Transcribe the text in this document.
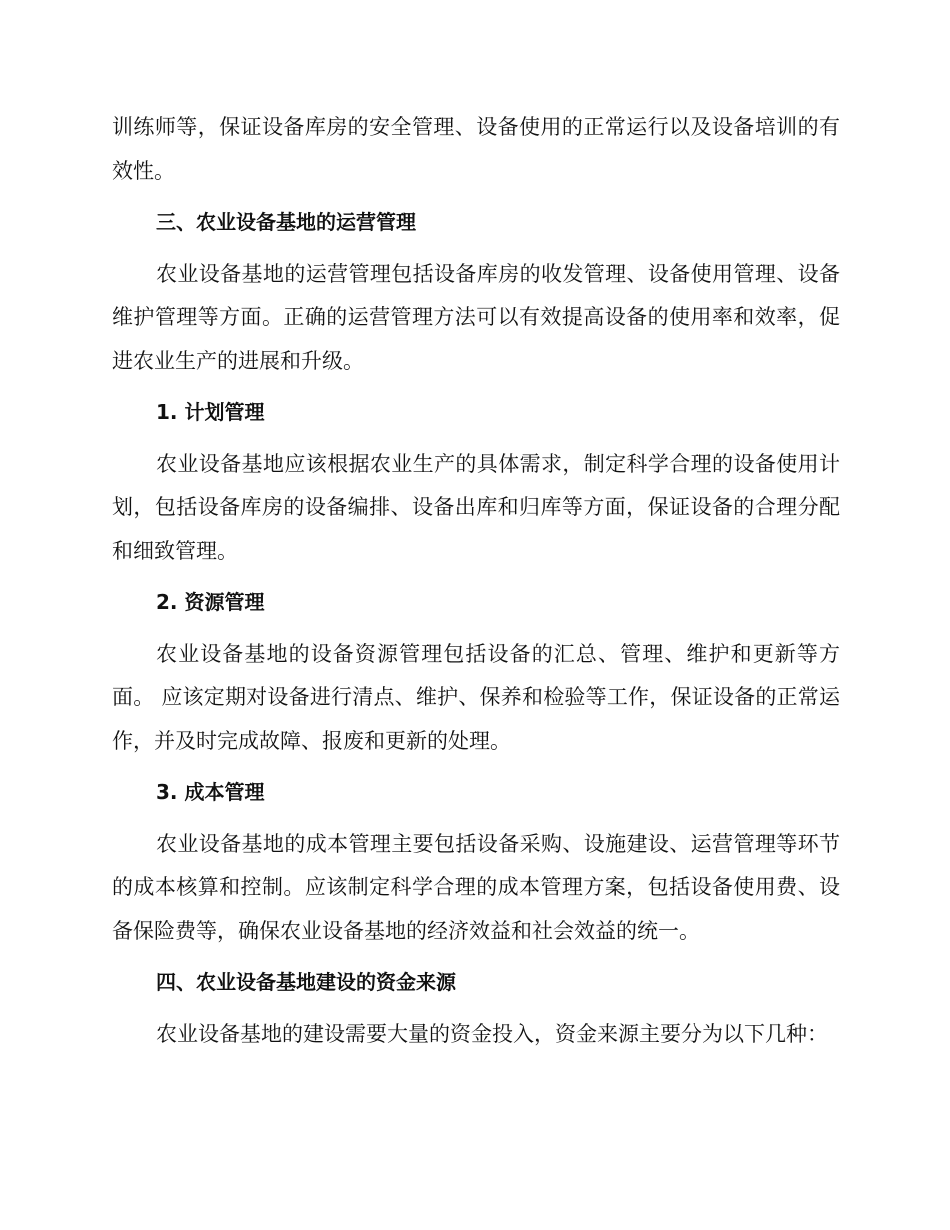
训练师等，保证设备库房的安全管理、设备使用的正常运行以及设备培训的有效性。

三、农业设备基地的运营管理

农业设备基地的运营管理包括设备库房的收发管理、设备使用管理、设备维护管理等方面。正确的运营管理方法可以有效提高设备的使用率和效率，促进农业生产的进展和升级。

1. 计划管理

农业设备基地应该根据农业生产的具体需求，制定科学合理的设备使用计划，包括设备库房的设备编排、设备出库和归库等方面，保证设备的合理分配和细致管理。

2. 资源管理

农业设备基地的设备资源管理包括设备的汇总、管理、维护和更新等方面。 应该定期对设备进行清点、维护、保养和检验等工作，保证设备的正常运作，并及时完成故障、报废和更新的处理。

3. 成本管理

农业设备基地的成本管理主要包括设备采购、设施建设、运营管理等环节的成本核算和控制。应该制定科学合理的成本管理方案，包括设备使用费、设备保险费等，确保农业设备基地的经济效益和社会效益的统一。

四、农业设备基地建设的资金来源

农业设备基地的建设需要大量的资金投入，资金来源主要分为以下几种：
